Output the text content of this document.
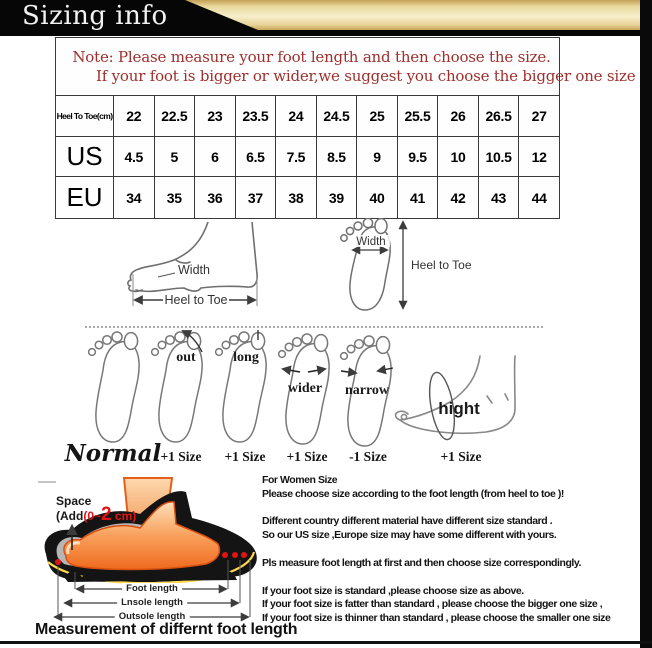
Sizing info
Note: Please measure your foot length and then choose the size.
If your foot is bigger or wider,we suggest you choose the bigger one size											

Heel To Toe(cm)	22	22.5	23	23.5	24	24.5	25	25.5	26	26.5	27
US	4.5	5	6	6.5	7.5	8.5	9	9.5	10	10.5	12
EU	34	35	36	37	38	39	40	41	42	43	44
Heel to Toe
Width
Width
Heel to Toe
out	long
wider narrow
hight
Normal +1 Size +1 Size +1 Size -1 Size	+1 Size
Space
(Add(0~2 cm)
Foot length
Lnsole length
Outsole length
Measurement of differnt foot length
For Women Size
Please choose size according to the foot length (from heel to toe )!
Different country different material have different size standard .
So our US size ,Europe size may have some different with yours.
Pls measure foot length at first and then choose size correspondingly.
If your foot size is standard ,please choose size as above.
If your foot size is fatter than standard , please choose the bigger one size ,
If your foot size is thinner than standard , please choose the smaller one size
